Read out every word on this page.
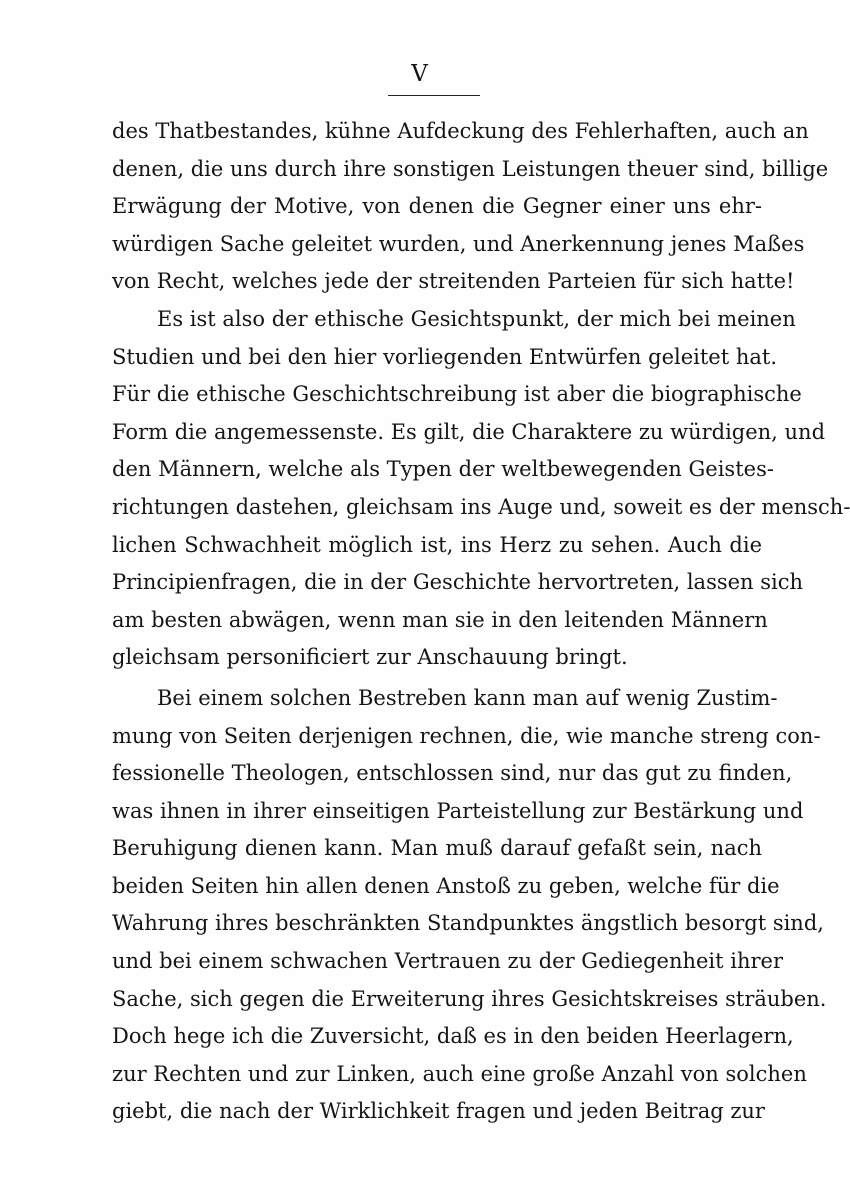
V
des Thatbestandes, kühne Aufdeckung des Fehlerhaften, auch an
denen, die uns durch ihre sonstigen Leistungen theuer sind, billige
Erwägung der Motive, von denen die Gegner einer uns ehr-
würdigen Sache geleitet wurden, und Anerkennung jenes Maßes
von Recht, welches jede der streitenden Parteien für sich hatte!
Es ist also der ethische Gesichtspunkt, der mich bei meinen
Studien und bei den hier vorliegenden Entwürfen geleitet hat.
Für die ethische Geschichtschreibung ist aber die biographische
Form die angemessenste. Es gilt, die Charaktere zu würdigen, und
den Männern, welche als Typen der weltbewegenden Geistes-
richtungen dastehen, gleichsam ins Auge und, soweit es der mensch-
lichen Schwachheit möglich ist, ins Herz zu sehen. Auch die
Principienfragen, die in der Geschichte hervortreten, lassen sich
am besten abwägen, wenn man sie in den leitenden Männern
gleichsam personificiert zur Anschauung bringt.
Bei einem solchen Bestreben kann man auf wenig Zustim-
mung von Seiten derjenigen rechnen, die, wie manche streng con-
fessionelle Theologen, entschlossen sind, nur das gut zu finden,
was ihnen in ihrer einseitigen Parteistellung zur Bestärkung und
Beruhigung dienen kann. Man muß darauf gefaßt sein, nach
beiden Seiten hin allen denen Anstoß zu geben, welche für die
Wahrung ihres beschränkten Standpunktes ängstlich besorgt sind,
und bei einem schwachen Vertrauen zu der Gediegenheit ihrer
Sache, sich gegen die Erweiterung ihres Gesichtskreises sträuben.
Doch hege ich die Zuversicht, daß es in den beiden Heerlagern,
zur Rechten und zur Linken, auch eine große Anzahl von solchen
giebt, die nach der Wirklichkeit fragen und jeden Beitrag zur
